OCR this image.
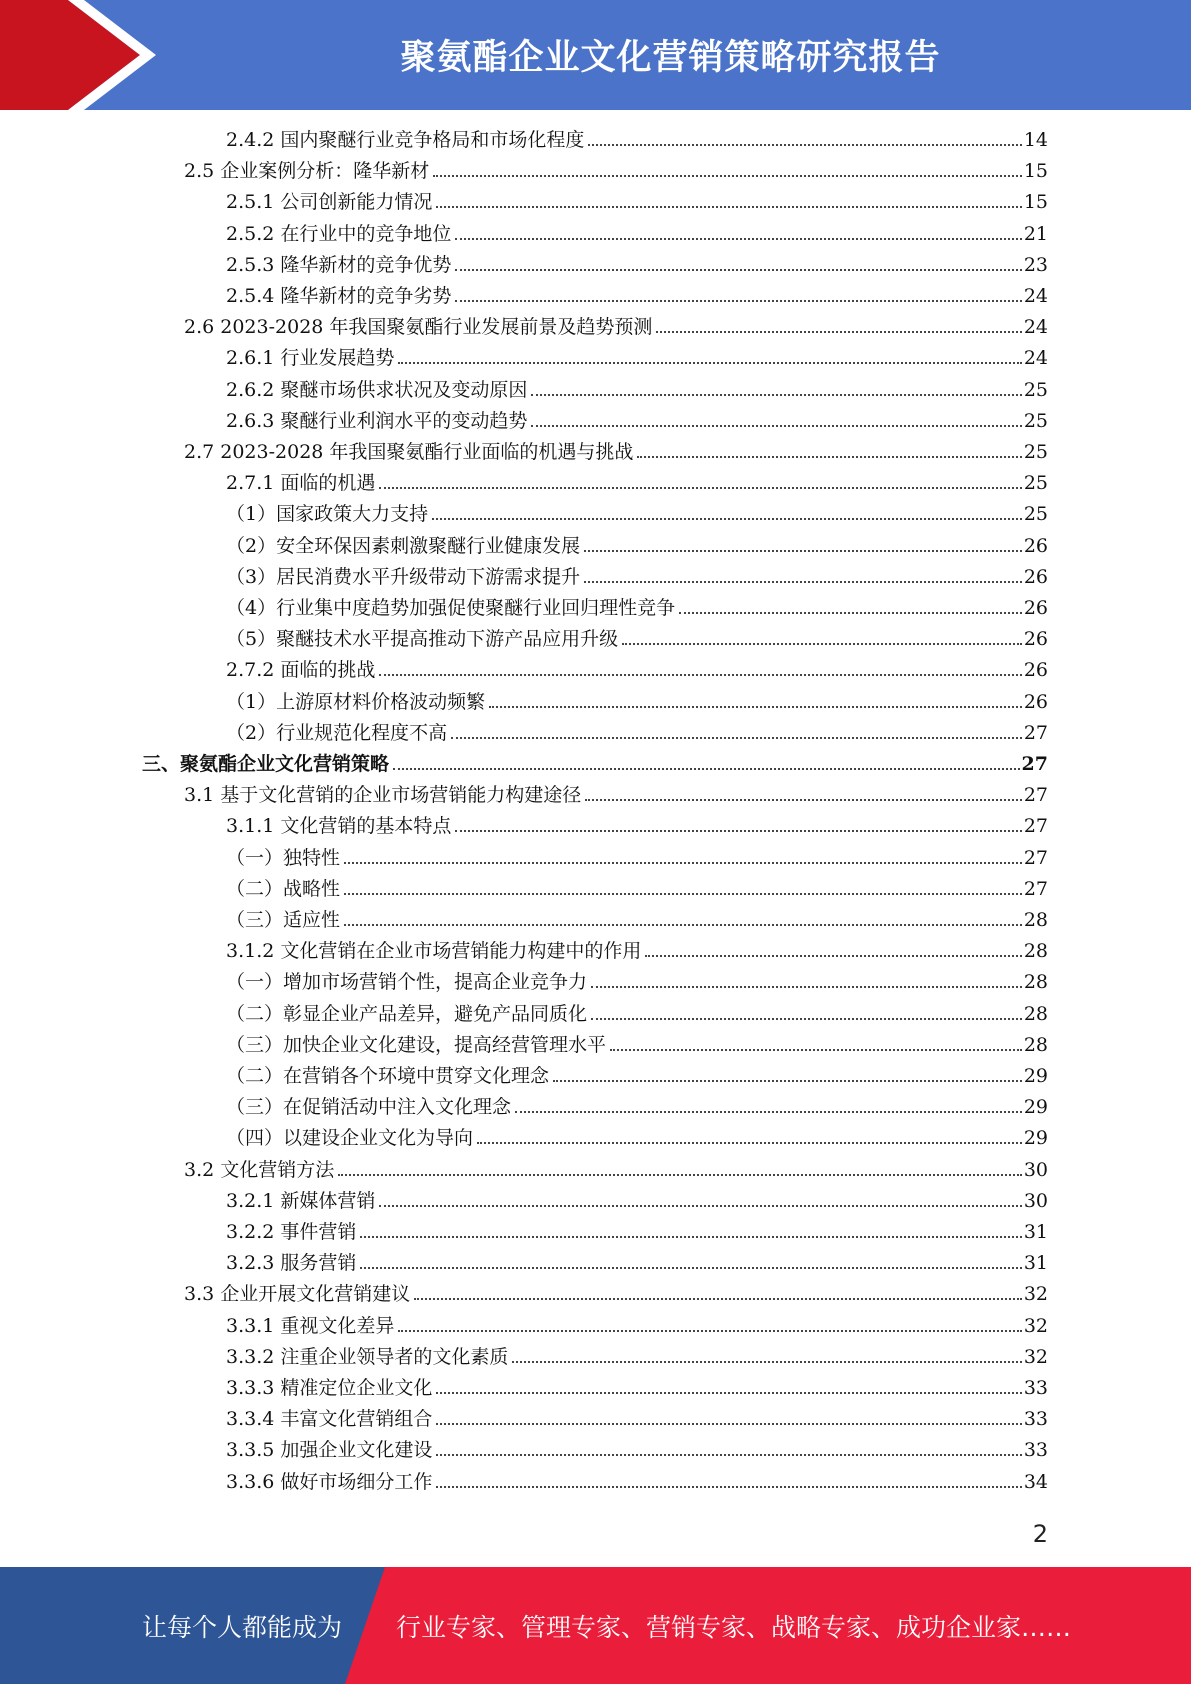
聚氨酯企业文化营销策略研究报告
2.4.2 国内聚醚行业竞争格局和市场化程度	14
2.5 企业案例分析：隆华新材	15
2.5.1 公司创新能力情况	15
2.5.2 在行业中的竞争地位	21
2.5.3 隆华新材的竞争优势	23
2.5.4 隆华新材的竞争劣势	24
2.6 2023-2028 年我国聚氨酯行业发展前景及趋势预测	24
2.6.1 行业发展趋势	24
2.6.2 聚醚市场供求状况及变动原因	25
2.6.3 聚醚行业利润水平的变动趋势	25
2.7 2023-2028 年我国聚氨酯行业面临的机遇与挑战	25
2.7.1 面临的机遇	25
（1）国家政策大力支持	25
（2）安全环保因素刺激聚醚行业健康发展	26
（3）居民消费水平升级带动下游需求提升	26
（4）行业集中度趋势加强促使聚醚行业回归理性竞争	26
（5）聚醚技术水平提高推动下游产品应用升级	26
2.7.2 面临的挑战	26
（1）上游原材料价格波动频繁	26
（2）行业规范化程度不高	27
三、聚氨酯企业文化营销策略	27
3.1 基于文化营销的企业市场营销能力构建途径	27
3.1.1 文化营销的基本特点	27
（一）独特性	27
（二）战略性	27
（三）适应性	28
3.1.2 文化营销在企业市场营销能力构建中的作用	28
（一）增加市场营销个性，提高企业竞争力	28
（二）彰显企业产品差异，避免产品同质化	28
（三）加快企业文化建设，提高经营管理水平	28
（二）在营销各个环境中贯穿文化理念	29
（三）在促销活动中注入文化理念	29
（四）以建设企业文化为导向	29
3.2 文化营销方法	30
3.2.1 新媒体营销	30
3.2.2 事件营销	31
3.2.3 服务营销	31
3.3 企业开展文化营销建议	32
3.3.1 重视文化差异	32
3.3.2 注重企业领导者的文化素质	32
3.3.3 精准定位企业文化	33
3.3.4 丰富文化营销组合	33
3.3.5 加强企业文化建设	33
3.3.6 做好市场细分工作	34
2
让每个人都能成为 行业专家、管理专家、营销专家、战略专家、成功企业家……
